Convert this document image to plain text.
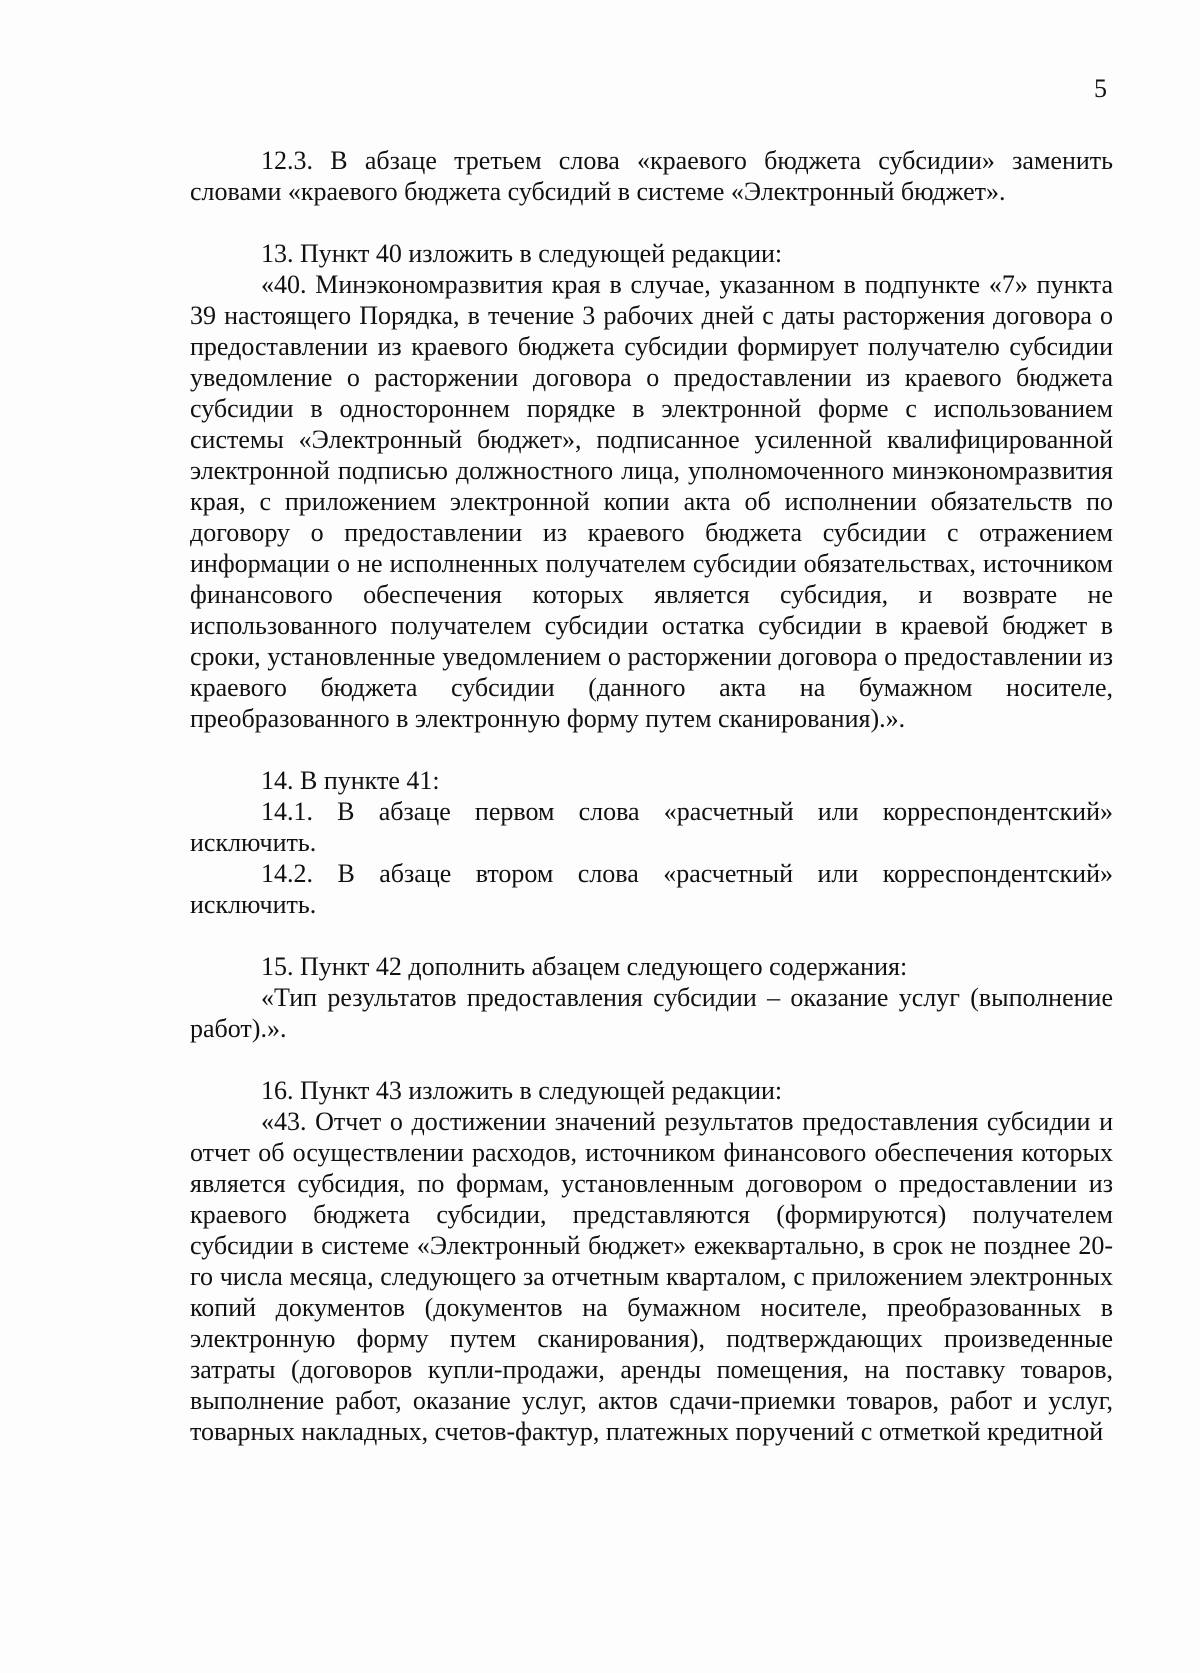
5

12.3. В абзаце третьем слова «краевого бюджета субсидии» заменить словами «краевого бюджета субсидий в системе «Электронный бюджет».

13. Пункт 40 изложить в следующей редакции:

«40. Минэкономразвития края в случае, указанном в подпункте «7» пункта 39 настоящего Порядка, в течение 3 рабочих дней с даты расторжения договора о предоставлении из краевого бюджета субсидии формирует получателю субсидии уведомление о расторжении договора о предоставлении из краевого бюджета субсидии в одностороннем порядке в электронной форме с использованием системы «Электронный бюджет», подписанное усиленной квалифицированной электронной подписью должностного лица, уполномоченного минэкономразвития края, с приложением электронной копии акта об исполнении обязательств по договору о предоставлении из краевого бюджета субсидии с отражением информации о не исполненных получателем субсидии обязательствах, источником финансового обеспечения которых является субсидия, и возврате не использованного получателем субсидии остатка субсидии в краевой бюджет в сроки, установленные уведомлением о расторжении договора о предоставлении из краевого бюджета субсидии (данного акта на бумажном носителе, преобразованного в электронную форму путем сканирования).».

14. В пункте 41:

14.1. В абзаце первом слова «расчетный или корреспондентский» исключить.

14.2. В абзаце втором слова «расчетный или корреспондентский» исключить.

15. Пункт 42 дополнить абзацем следующего содержания:

«Тип результатов предоставления субсидии – оказание услуг (выполнение работ).».

16. Пункт 43 изложить в следующей редакции:

«43. Отчет о достижении значений результатов предоставления субсидии и отчет об осуществлении расходов, источником финансового обеспечения которых является субсидия, по формам, установленным договором о предоставлении из краевого бюджета субсидии, представляются (формируются) получателем субсидии в системе «Электронный бюджет» ежеквартально, в срок не позднее 20-го числа месяца, следующего за отчетным кварталом, с приложением электронных копий документов (документов на бумажном носителе, преобразованных в электронную форму путем сканирования), подтверждающих произведенные затраты (договоров купли-продажи, аренды помещения, на поставку товаров, выполнение работ, оказание услуг, актов сдачи-приемки товаров, работ и услуг, товарных накладных, счетов-фактур, платежных поручений с отметкой кредитной
